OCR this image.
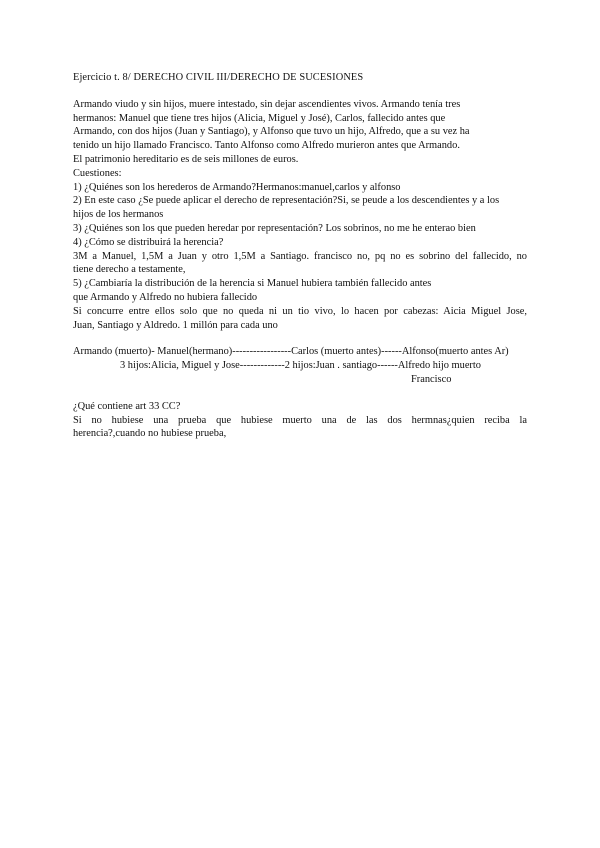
Ejercicio t. 8/ DERECHO CIVIL III/DERECHO DE SUCESIONES

Armando viudo y sin hijos, muere intestado, sin dejar ascendientes vivos. Armando tenía tres

hermanos: Manuel que tiene tres hijos (Alicia, Miguel y José), Carlos, fallecido antes que

Armando, con dos hijos (Juan y Santiago), y Alfonso que tuvo un hijo, Alfredo, que a su vez ha

tenido un hijo llamado Francisco. Tanto Alfonso como Alfredo murieron antes que Armando.

El patrimonio hereditario es de seis millones de euros.

Cuestiones:

1) ¿Quiénes son los herederos de Armando?Hermanos:manuel,carlos y alfonso

2) En este caso ¿Se puede aplicar el derecho de representación?Si, se peude a los descendientes y a los

hijos de los hermanos

3) ¿Quiénes son los que pueden heredar por representación? Los sobrinos, no me he enterao bien

4) ¿Cómo se distribuirá la herencia?

3M a Manuel, 1,5M a Juan y otro 1,5M a Santiago. francisco no, pq no es sobrino del fallecido, no

tiene derecho a testamente,

5) ¿Cambiaría la distribución de la herencia si Manuel hubiera también fallecido antes

que Armando y Alfredo no hubiera fallecido

Si concurre entre ellos solo que no queda ni un tio vivo, lo hacen por cabezas: Aicia Miguel Jose,

Juan, Santiago y Aldredo. 1 millón para cada uno

Armando (muerto)- Manuel(hermano)-----------------Carlos (muerto antes)------Alfonso(muerto antes Ar)

3 hijos:Alicia, Miguel y Jose-------------2 hijos:Juan . santiago------Alfredo hijo muerto

Francisco

¿Qué contiene art 33 CC?

Si no hubiese una prueba que hubiese muerto una de las dos hermnas¿quien reciba la

herencia?,cuando no hubiese prueba,
